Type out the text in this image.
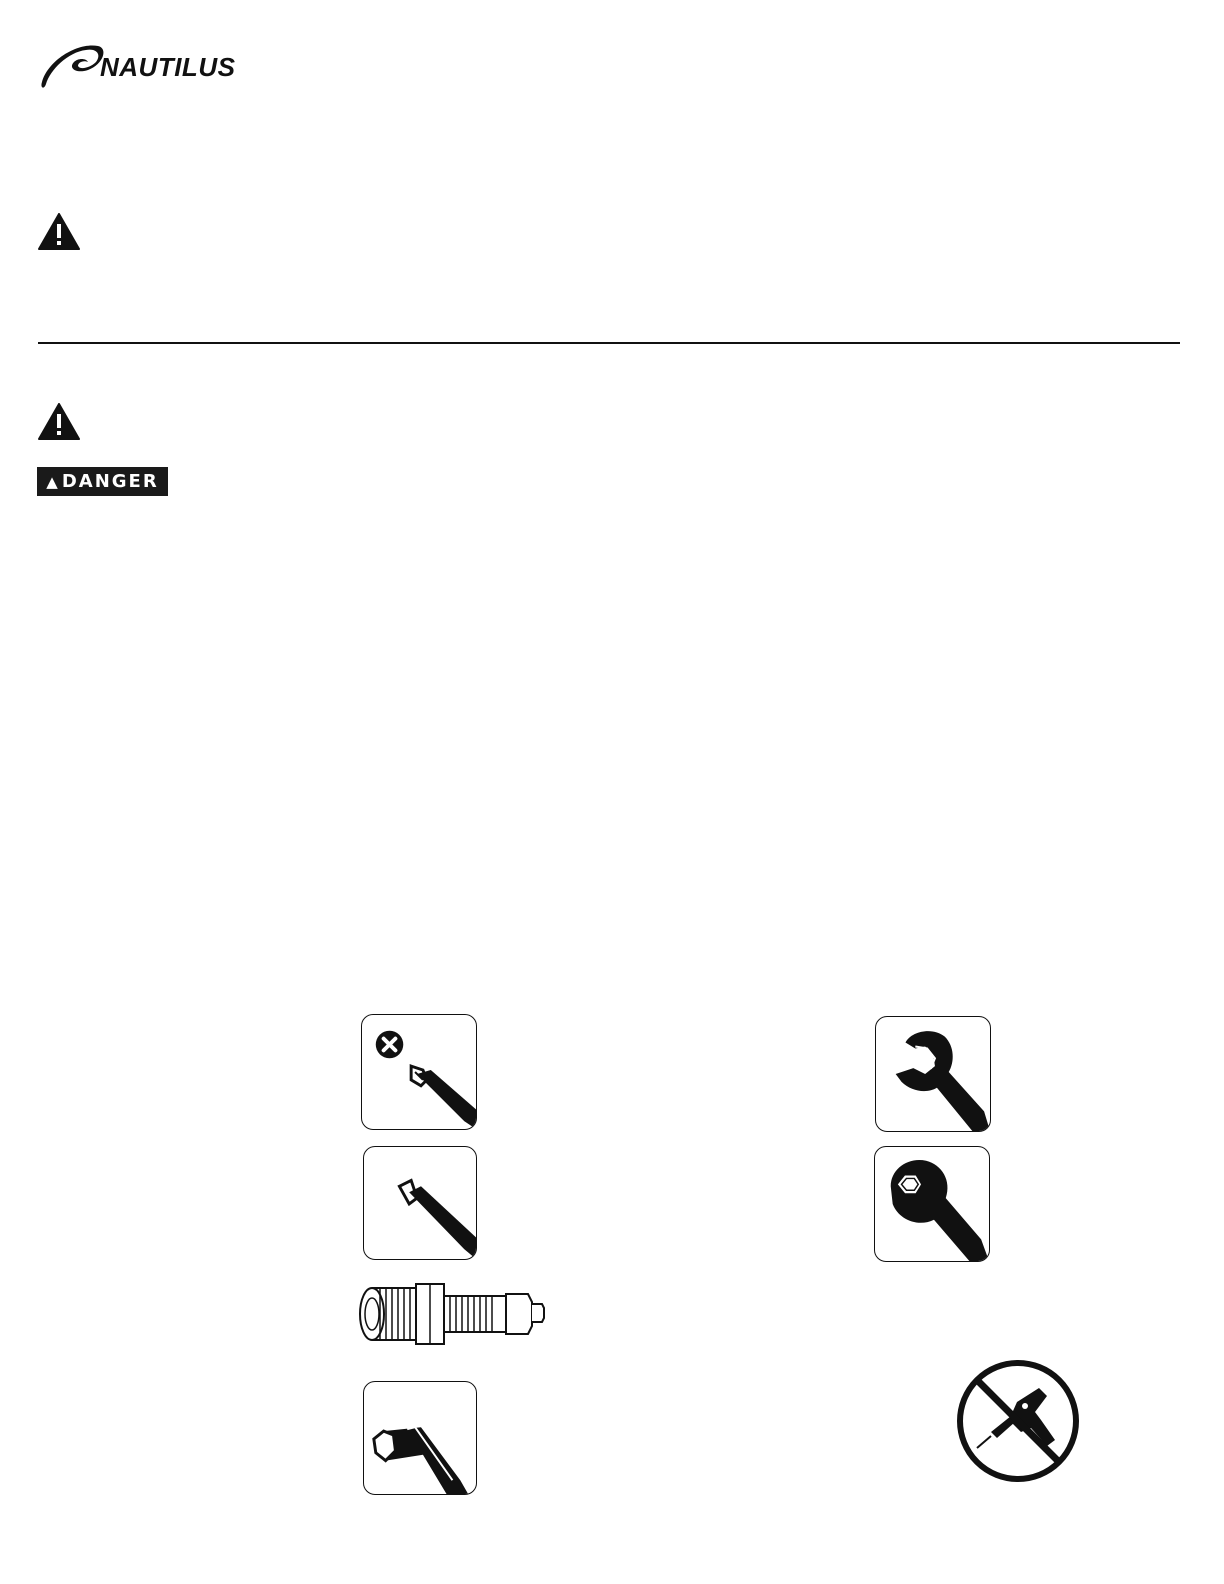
NAUTILUS
▲ DANGER
